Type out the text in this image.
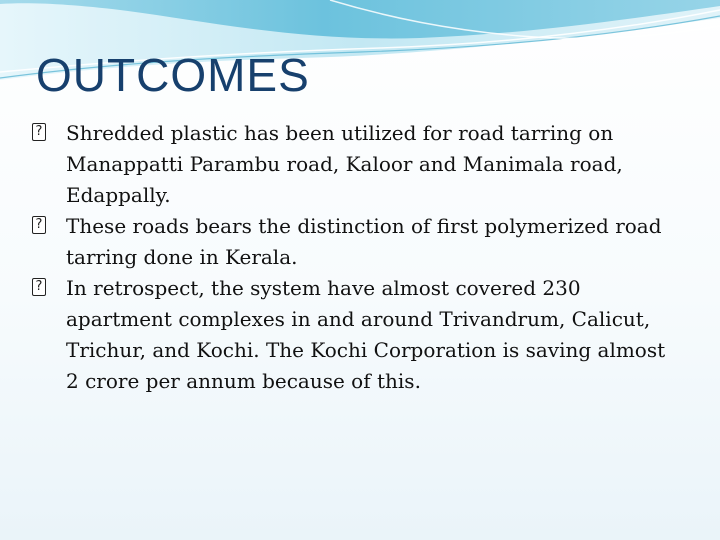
OUTCOMES
? Shredded plastic has been utilized for road tarring on Manappatti Parambu road, Kaloor and Manimala road, Edappally.
? These roads bears the distinction of first polymerized road tarring done in Kerala.
? In retrospect, the system have almost covered 230 apartment complexes in and around Trivandrum, Calicut, Trichur, and Kochi. The Kochi Corporation is saving almost 2 crore per annum because of this.
